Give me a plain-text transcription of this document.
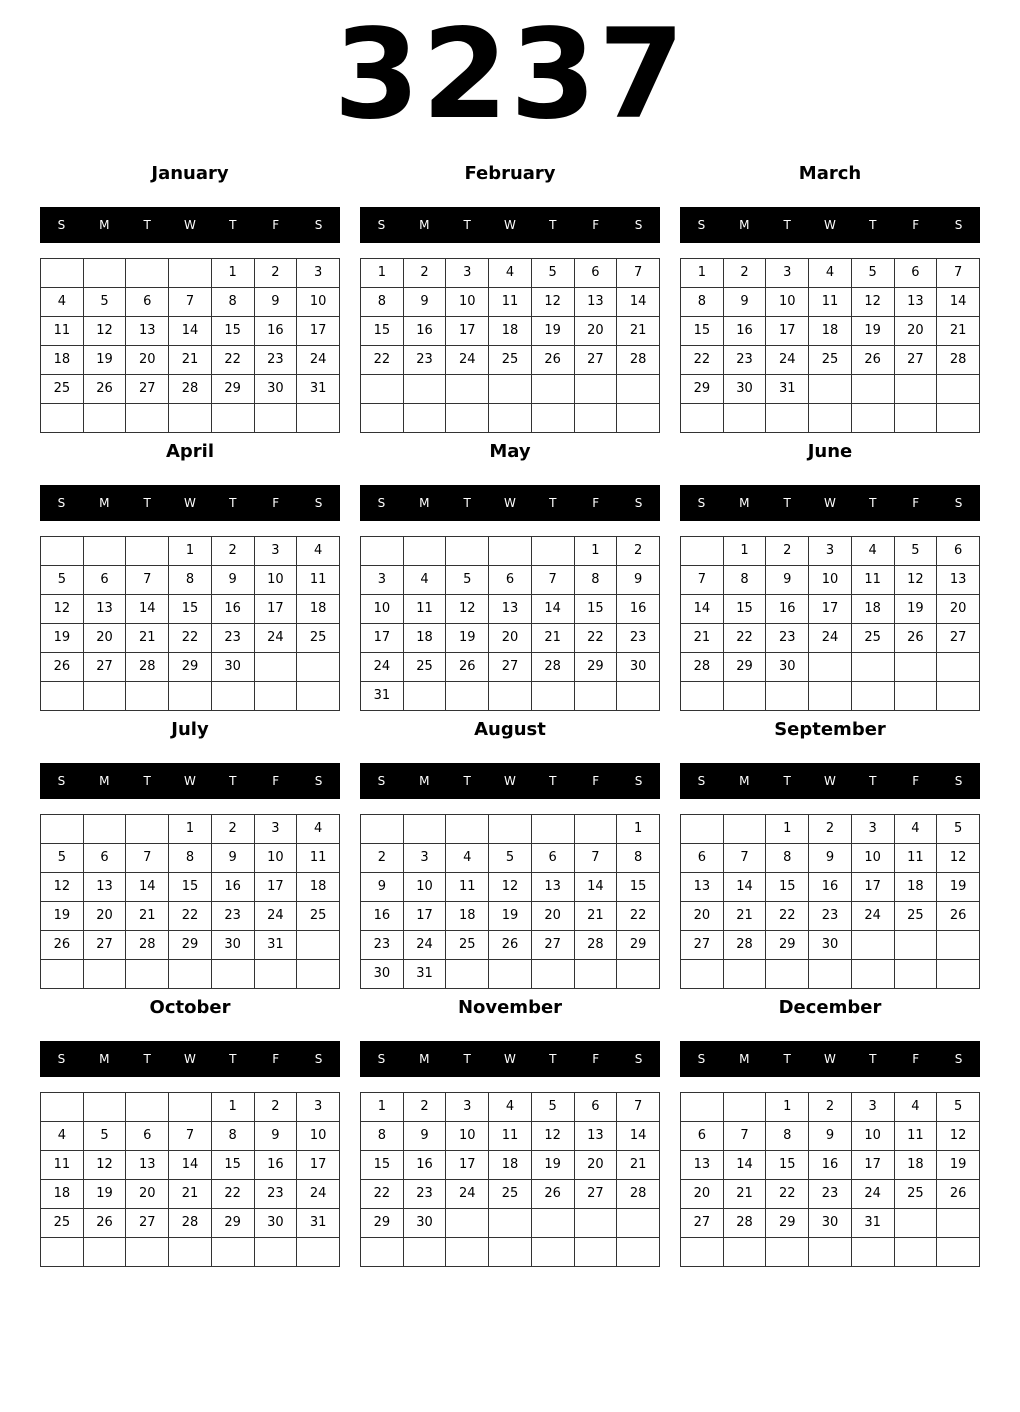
3237
January
S	M	T	W	T	F	S
				1	2	3
4	5	6	7	8	9	10
11	12	13	14	15	16	17
18	19	20	21	22	23	24
25	26	27	28	29	30	31

February
S	M	T	W	T	F	S
1	2	3	4	5	6	7
8	9	10	11	12	13	14
15	16	17	18	19	20	21
22	23	24	25	26	27	28

March
S	M	T	W	T	F	S
1	2	3	4	5	6	7
8	9	10	11	12	13	14
15	16	17	18	19	20	21
22	23	24	25	26	27	28
29	30	31				

April
S	M	T	W	T	F	S
			1	2	3	4
5	6	7	8	9	10	11
12	13	14	15	16	17	18
19	20	21	22	23	24	25
26	27	28	29	30		

May
S	M	T	W	T	F	S
					1	2
3	4	5	6	7	8	9
10	11	12	13	14	15	16
17	18	19	20	21	22	23
24	25	26	27	28	29	30
31						
June
S	M	T	W	T	F	S
	1	2	3	4	5	6
7	8	9	10	11	12	13
14	15	16	17	18	19	20
21	22	23	24	25	26	27
28	29	30				

July
S	M	T	W	T	F	S
			1	2	3	4
5	6	7	8	9	10	11
12	13	14	15	16	17	18
19	20	21	22	23	24	25
26	27	28	29	30	31	

August
S	M	T	W	T	F	S
						1
2	3	4	5	6	7	8
9	10	11	12	13	14	15
16	17	18	19	20	21	22
23	24	25	26	27	28	29
30	31					
September
S	M	T	W	T	F	S
		1	2	3	4	5
6	7	8	9	10	11	12
13	14	15	16	17	18	19
20	21	22	23	24	25	26
27	28	29	30			

October
S	M	T	W	T	F	S
				1	2	3
4	5	6	7	8	9	10
11	12	13	14	15	16	17
18	19	20	21	22	23	24
25	26	27	28	29	30	31

November
S	M	T	W	T	F	S
1	2	3	4	5	6	7
8	9	10	11	12	13	14
15	16	17	18	19	20	21
22	23	24	25	26	27	28
29	30					

December
S	M	T	W	T	F	S
		1	2	3	4	5
6	7	8	9	10	11	12
13	14	15	16	17	18	19
20	21	22	23	24	25	26
27	28	29	30	31		
